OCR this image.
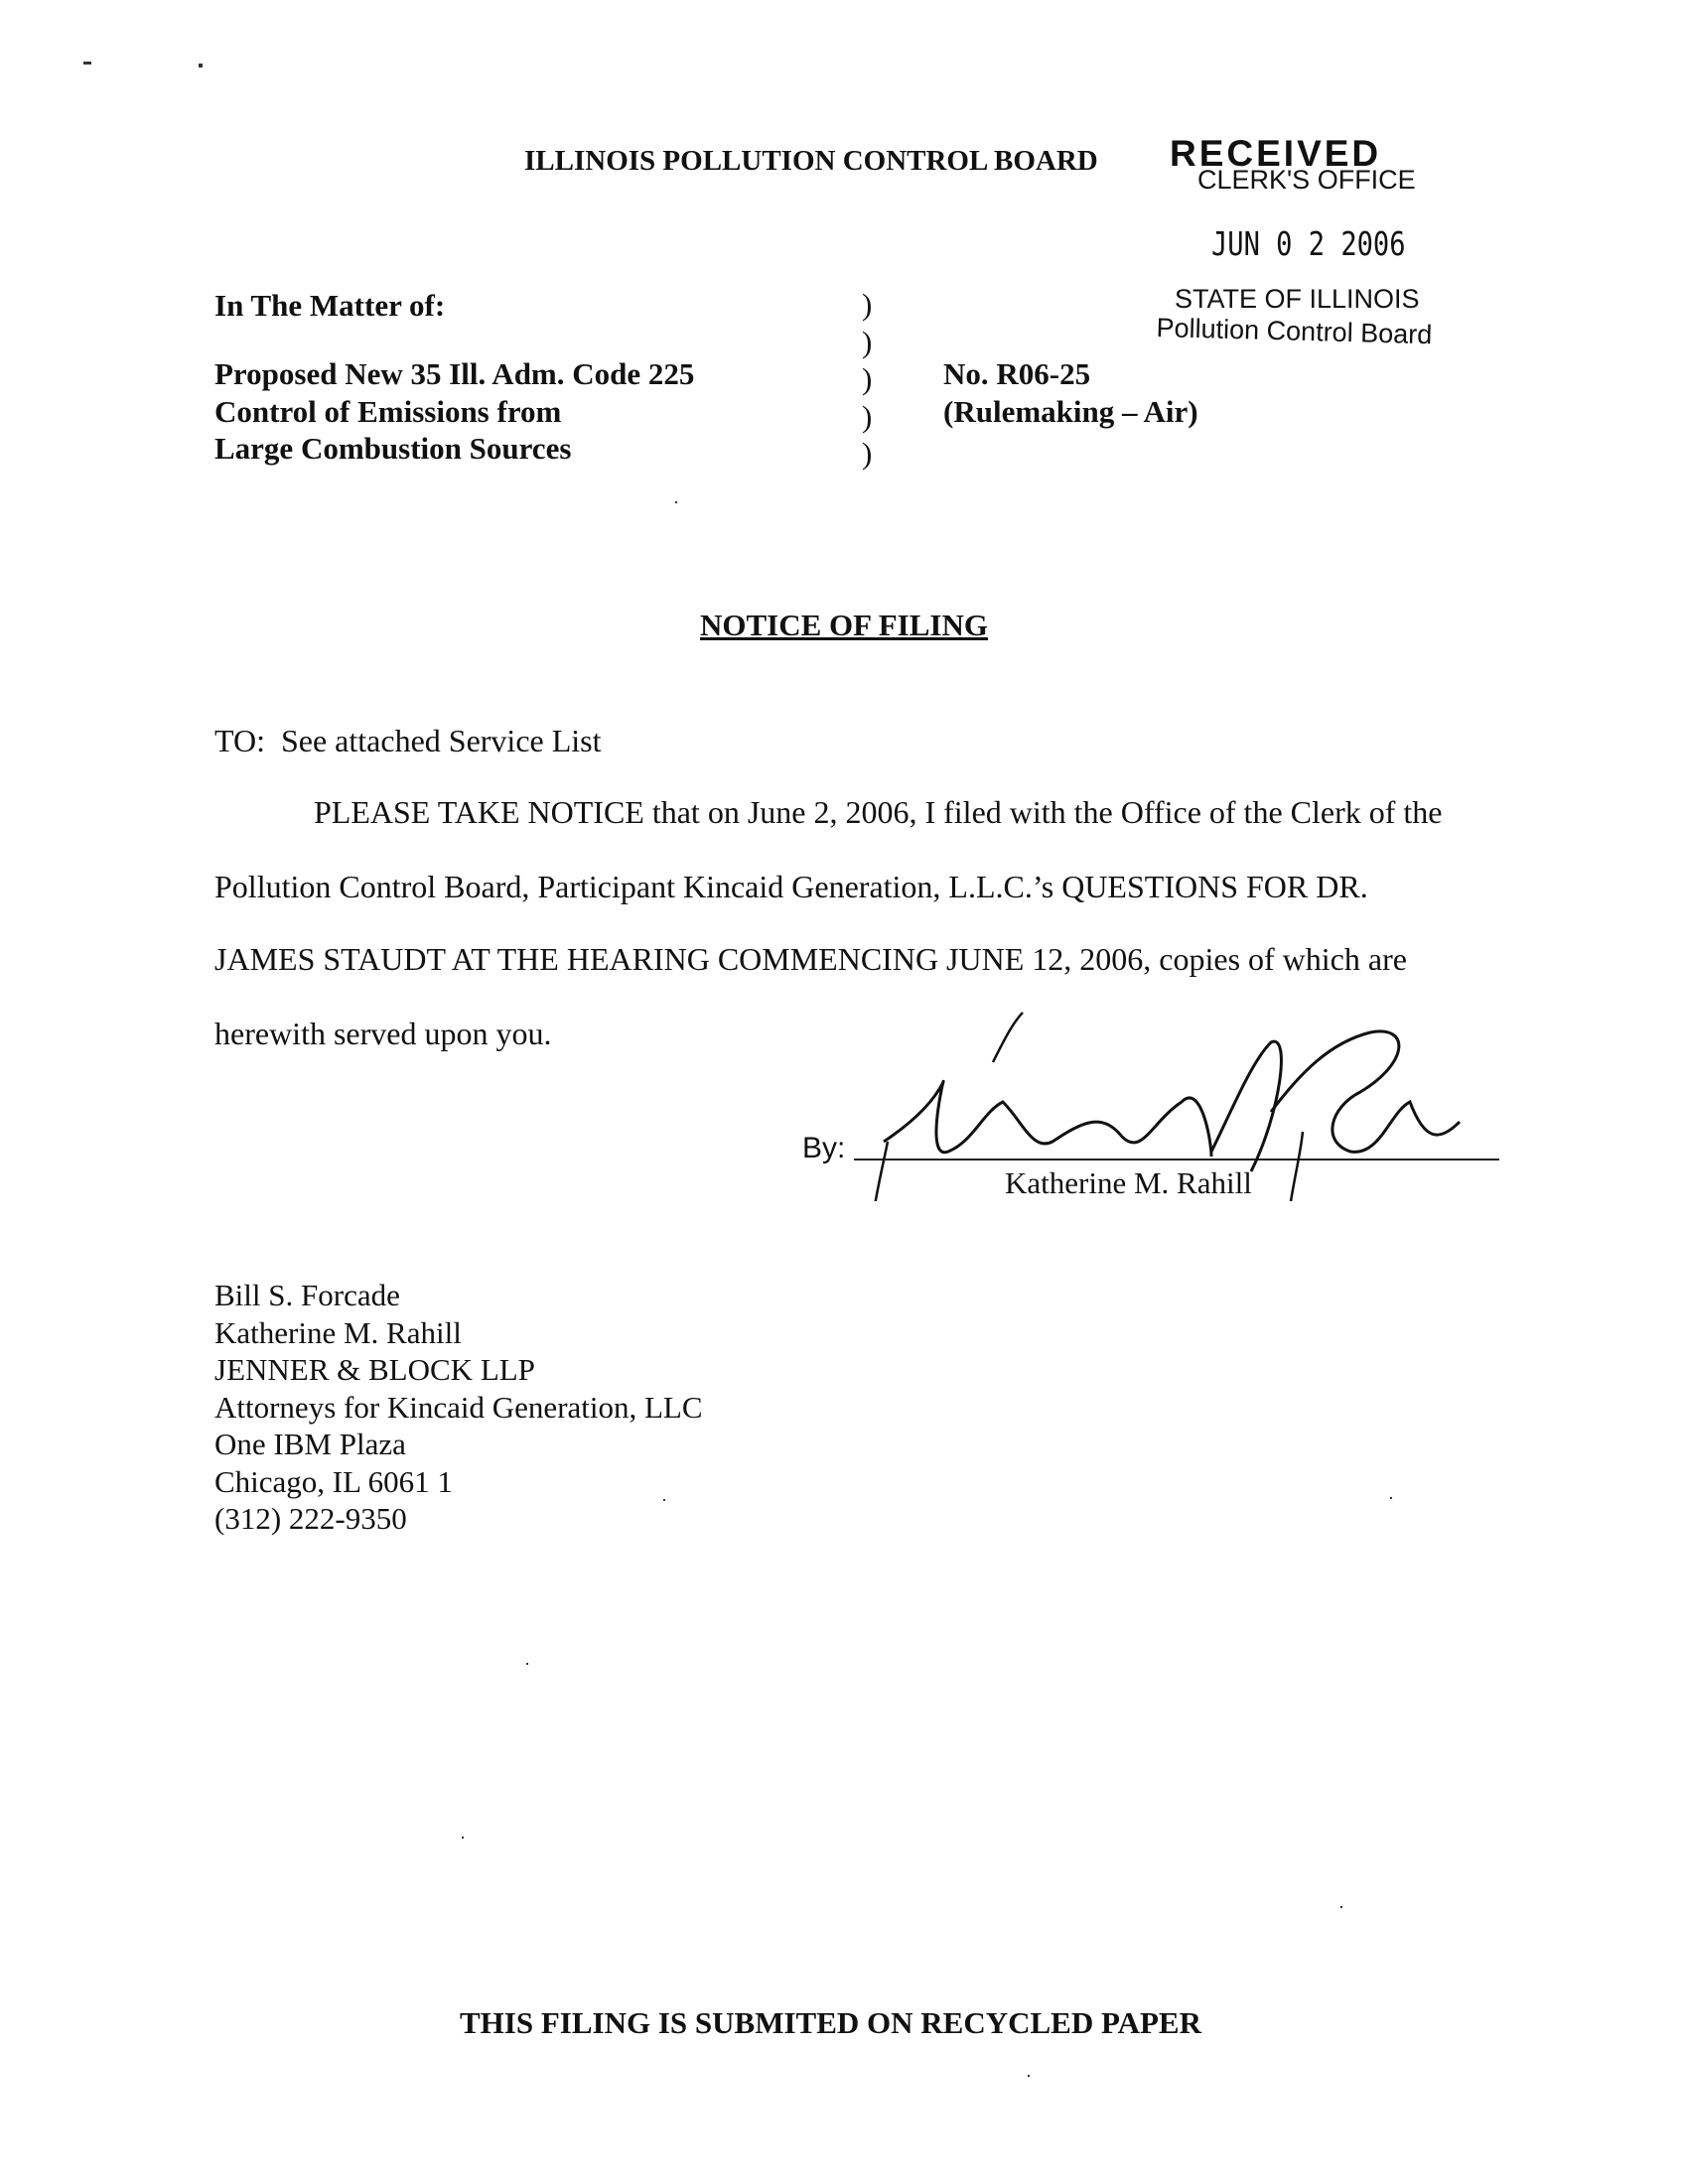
ILLINOIS POLLUTION CONTROL BOARD RECEIVED
CLERK'S OFFICE
JUN 0 2 2006
STATE OF ILLINOIS
Pollution Control Board
In The Matter of:
Proposed New 35 Ill. Adm. Code 225
Control of Emissions from
Large Combustion Sources
)
)
)
)
)
No. R06-25
(Rulemaking – Air)
NOTICE OF FILING
TO:  See attached Service List
PLEASE TAKE NOTICE that on June 2, 2006, I filed with the Office of the Clerk of the
Pollution Control Board, Participant Kincaid Generation, L.L.C.’s QUESTIONS FOR DR.
JAMES STAUDT AT THE HEARING COMMENCING JUNE 12, 2006, copies of which are
herewith served upon you.
By:
Katherine M. Rahill
Bill S. Forcade
Katherine M. Rahill
JENNER & BLOCK LLP
Attorneys for Kincaid Generation, LLC
One IBM Plaza
Chicago, IL 6061 1
(312) 222-9350
THIS FILING IS SUBMITED ON RECYCLED PAPER
